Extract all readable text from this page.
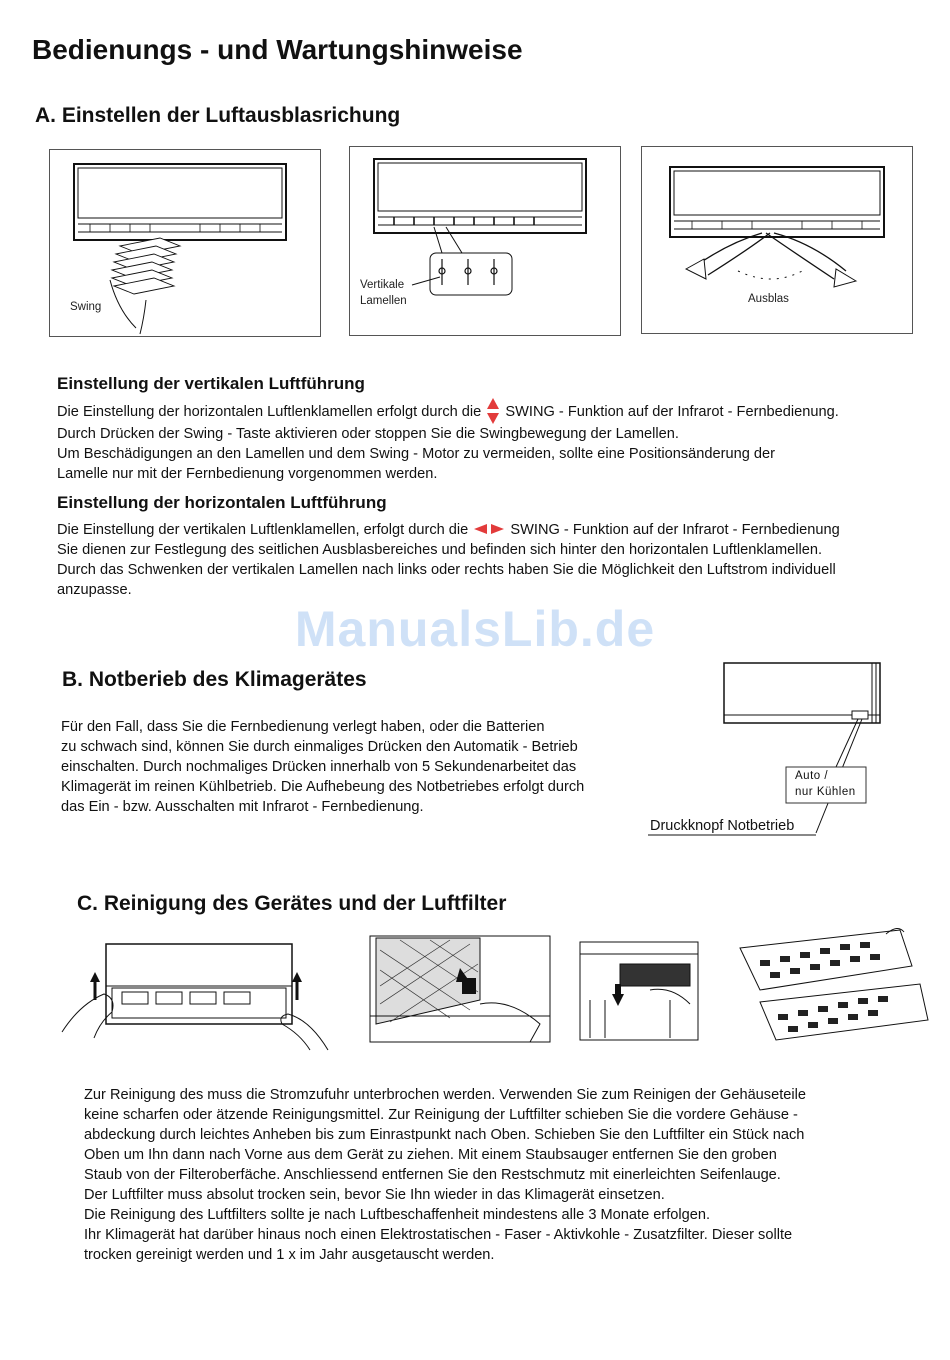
Bedienungs - und Wartungshinweise
A. Einstellen der Luftausblasrichung
Swing
Vertikale
Lamellen	Ausblas
Einstellung der vertikalen Luftführung

Die Einstellung der horizontalen Luftlenklamellen erfolgt durch die SWING - Funktion auf der Infrarot - Fernbedienung.

Durch Drücken der Swing - Taste aktivieren oder stoppen Sie die Swingbewegung der Lamellen.

Um Beschädigungen an den Lamellen und dem Swing - Motor zu vermeiden, sollte eine Positionsänderung der

Lamelle nur mit der Fernbedienung vorgenommen werden.

Einstellung der horizontalen Luftführung

Die Einstellung der vertikalen Luftlenklamellen, erfolgt durch die	SWING - Funktion auf der Infrarot - Fernbedienung

Sie dienen zur Festlegung des seitlichen Ausblasbereiches und befinden sich hinter den horizontalen Luftlenklamellen.

Durch das Schwenken der vertikalen Lamellen nach links oder rechts haben Sie die Möglichkeit den Luftstrom individuell

anzupasse.

ManualsLib.de
B. Notberieb des Klimagerätes

Für den Fall, dass Sie die Fernbedienung verlegt haben, oder die Batterien

zu schwach sind, können Sie durch einmaliges Drücken den Automatik - Betrieb

einschalten. Durch nochmaliges Drücken innerhalb von 5 Sekundenarbeitet das

Klimagerät im reinen Kühlbetrieb. Die Aufhebeung des Notbetriebes erfolgt durch

das Ein - bzw. Ausschalten mit Infrarot - Fernbedienung.

Auto /
nur Kühlen
Druckknopf Notbetrieb
C. Reinigung des Gerätes und der Luftfilter

Zur Reinigung des muss die Stromzufuhr unterbrochen werden. Verwenden Sie zum Reinigen der Gehäuseteile

keine scharfen oder ätzende Reinigungsmittel. Zur Reinigung der Luftfilter schieben Sie die vordere Gehäuse -

abdeckung durch leichtes Anheben bis zum Einrastpunkt nach Oben. Schieben Sie den Luftfilter ein Stück nach

Oben um Ihn dann nach Vorne aus dem Gerät zu ziehen. Mit einem Staubsauger entfernen Sie den groben

Staub von der Filteroberfäche. Anschliessend entfernen Sie den Restschmutz mit einerleichten Seifenlauge.

Der Luftfilter muss absolut trocken sein, bevor Sie Ihn wieder in das Klimagerät einsetzen.

Die Reinigung des Luftfilters sollte je nach Luftbeschaffenheit mindestens alle 3 Monate erfolgen.

Ihr Klimagerät hat darüber hinaus noch einen Elektrostatischen - Faser - Aktivkohle - Zusatzfilter. Dieser sollte

trocken gereinigt werden und 1 x im Jahr ausgetauscht werden.
